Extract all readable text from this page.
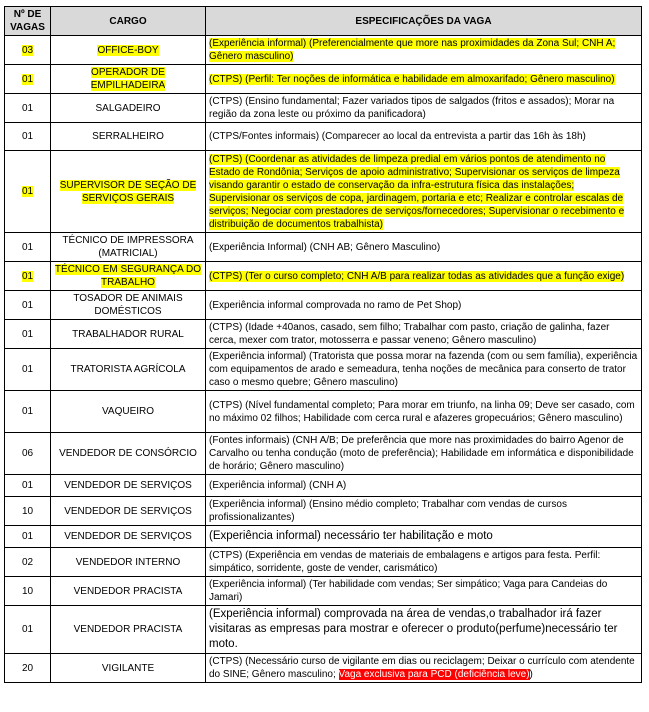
Nº DE VAGAS	CARGO	ESPECIFICAÇÕES DA VAGA
03	OFFICE-BOY	(Experiência informal) (Preferencialmente que more nas proximidades da Zona Sul; CNH A; Gênero masculino)
01	OPERADOR DE EMPILHADEIRA	(CTPS) (Perfil: Ter noções de informática e habilidade em almoxarifado; Gênero masculino)
01	SALGADEIRO	(CTPS) (Ensino fundamental; Fazer variados tipos de salgados (fritos e assados); Morar na região da zona leste ou próximo da panificadora)
01	SERRALHEIRO	(CTPS/Fontes informais) (Comparecer ao local da entrevista a partir das 16h às 18h)
01	SUPERVISOR DE SEÇÃO DE SERVIÇOS GERAIS	(CTPS) (Coordenar as atividades de limpeza predial em vários pontos de atendimento no Estado de Rondônia; Serviços de apoio administrativo; Supervisionar os serviços de limpeza visando garantir o estado de conservação da infra-estrutura física das instalações; Supervisionar os serviços de copa, jardinagem, portaria e etc; Realizar e controlar escalas de serviços; Negociar com prestadores de serviços/fornecedores; Supervisionar o recebimento e distribuição de documentos trabalhista)
01	TÉCNICO DE IMPRESSORA (MATRICIAL)	(Experiência Informal) (CNH AB; Gênero Masculino)
01	TÉCNICO EM SEGURANÇA DO TRABALHO	(CTPS) (Ter o curso completo; CNH A/B para realizar todas as atividades que a função exige)
01	TOSADOR DE ANIMAIS DOMÉSTICOS	(Experiência informal comprovada no ramo de Pet Shop)
01	TRABALHADOR RURAL	(CTPS) (Idade +40anos, casado, sem filho; Trabalhar com pasto, criação de galinha, fazer cerca, mexer com trator, motosserra e passar veneno; Gênero masculino)
01	TRATORISTA AGRÍCOLA	(Experiência informal) (Tratorista que possa morar na fazenda (com ou sem família), experiência com equipamentos de arado e semeadura, tenha noções de mecânica para conserto de trator caso o mesmo quebre; Gênero masculino)
01	VAQUEIRO	(CTPS) (Nível fundamental completo; Para morar em triunfo, na linha 09; Deve ser casado, com no máximo 02 filhos; Habilidade com cerca rural e afazeres gropecuários; Gênero masculino)
06	VENDEDOR DE CONSÓRCIO	(Fontes informais) (CNH A/B; De preferência que more nas proximidades do bairro Agenor de Carvalho ou tenha condução (moto de preferência); Habilidade em informática e disponibilidade de horário; Gênero masculino)
01	VENDEDOR DE SERVIÇOS	(Experiência informal) (CNH A)
10	VENDEDOR DE SERVIÇOS	(Experiência informal) (Ensino médio completo; Trabalhar com vendas de cursos profissionalizantes)
01	VENDEDOR DE SERVIÇOS	(Experiência informal) necessário ter habilitação e moto
02	VENDEDOR INTERNO	(CTPS) (Experiência em vendas de materiais de embalagens e artigos para festa. Perfil: simpático, sorridente, goste de vender, carismático)
10	VENDEDOR PRACISTA	(Experiência informal) (Ter habilidade com vendas; Ser simpático; Vaga para Candeias do Jamari)
01	VENDEDOR PRACISTA	(Experiência informal) comprovada na área de vendas,o trabalhador irá fazer visitaras as empresas para mostrar e oferecer o produto(perfume)necessário ter moto.
20	VIGILANTE	(CTPS) (Necessário curso de vigilante em dias ou reciclagem; Deixar o currículo com atendente do SINE; Gênero masculino; Vaga exclusiva para PCD (deficiência leve))
